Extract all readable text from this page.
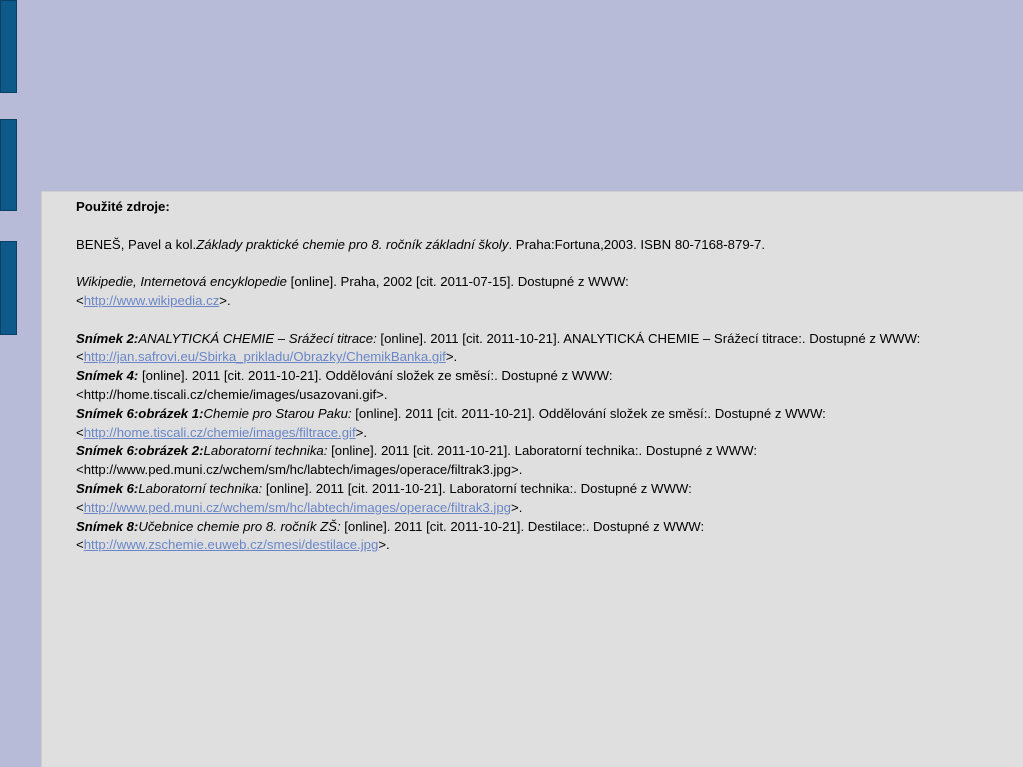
Použité zdroje:
BENEŠ, Pavel a kol.Základy praktické chemie pro 8. ročník základní školy. Praha:Fortuna,2003. ISBN 80-7168-879-7.
Wikipedie, Internetová encyklopedie [online]. Praha, 2002 [cit. 2011-07-15]. Dostupné z WWW:
<http://www.wikipedia.cz>.
Snímek 2:ANALYTICKÁ CHEMIE – Srážecí titrace: [online]. 2011 [cit. 2011-10-21]. ANALYTICKÁ CHEMIE – Srážecí titrace:. Dostupné z WWW:
<http://jan.safrovi.eu/Sbirka_prikladu/Obrazky/ChemikBanka.gif>.
Snímek 4: [online]. 2011 [cit. 2011-10-21]. Oddělování složek ze směsí:. Dostupné z WWW:
<http://home.tiscali.cz/chemie/images/usazovani.gif>.
Snímek 6:obrázek 1:Chemie pro Starou Paku: [online]. 2011 [cit. 2011-10-21]. Oddělování složek ze směsí:. Dostupné z WWW:
<http://home.tiscali.cz/chemie/images/filtrace.gif>.
Snímek 6:obrázek 2:Laboratorní technika: [online]. 2011 [cit. 2011-10-21]. Laboratorní technika:. Dostupné z WWW:
<http://www.ped.muni.cz/wchem/sm/hc/labtech/images/operace/filtrak3.jpg>.
Snímek 6:Laboratorní technika: [online]. 2011 [cit. 2011-10-21]. Laboratorní technika:. Dostupné z WWW:
<http://www.ped.muni.cz/wchem/sm/hc/labtech/images/operace/filtrak3.jpg>.
Snímek 8:Učebnice chemie pro 8. ročník ZŠ: [online]. 2011 [cit. 2011-10-21]. Destilace:. Dostupné z WWW:
<http://www.zschemie.euweb.cz/smesi/destilace.jpg>.
